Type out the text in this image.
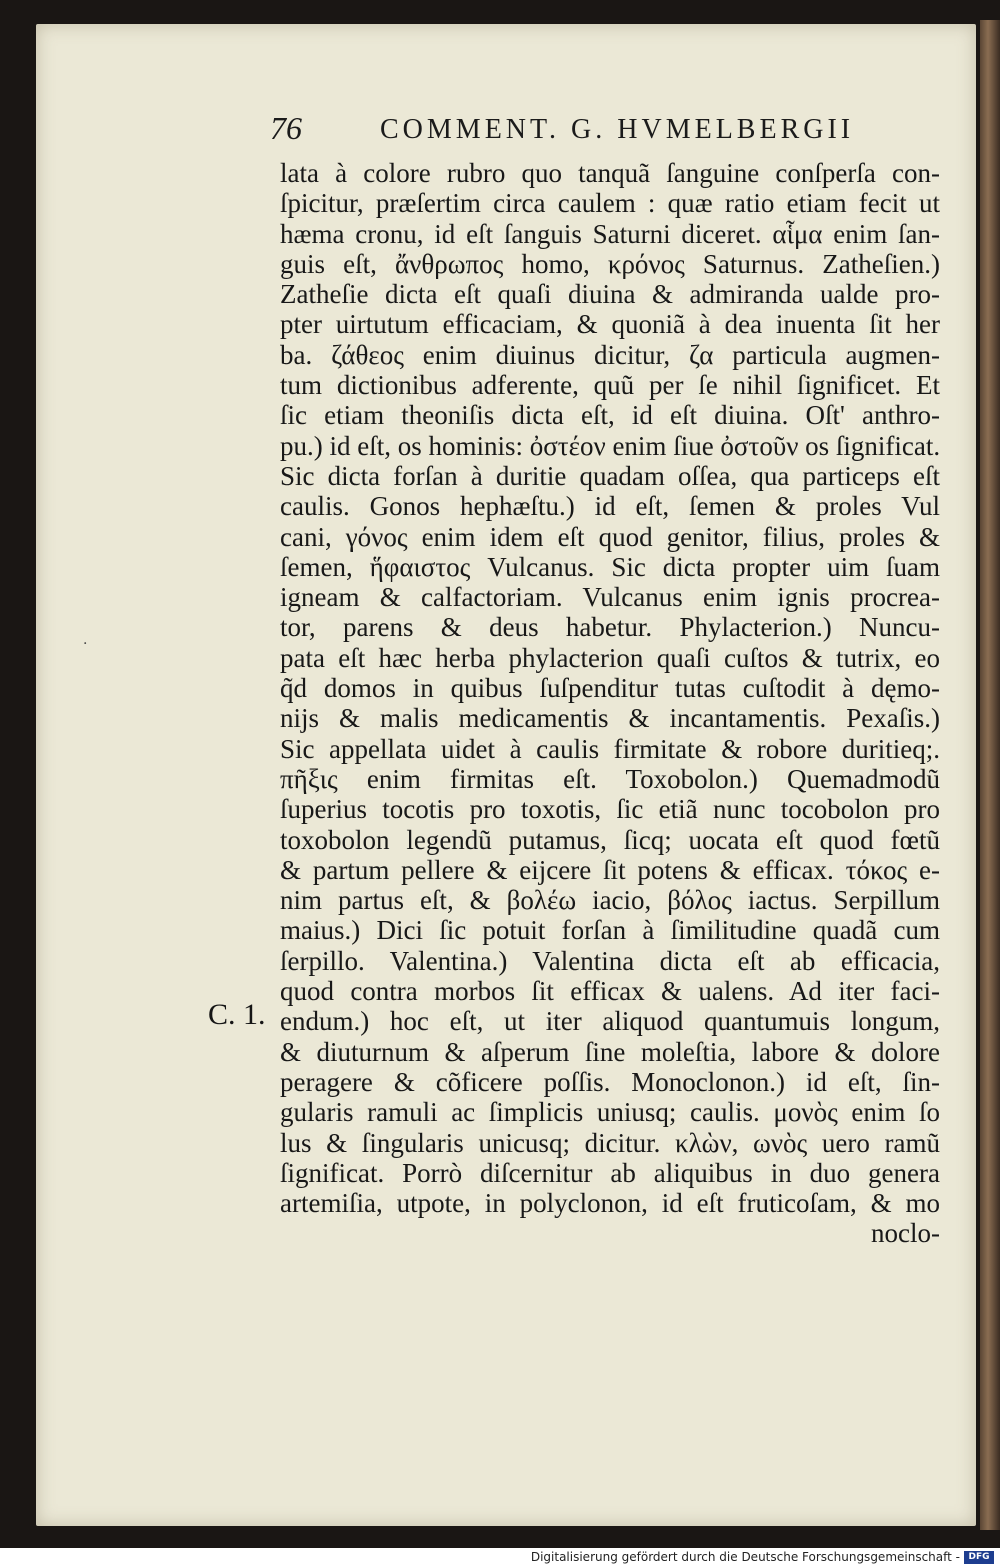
·
76	COMMENT. G. HVMELBERGII
C. 1.
lata à colore rubro quo tanquã ſanguine conſperſa con-
ſpicitur, præſertim circa caulem : quæ ratio etiam fecit ut
hæma cronu, id eſt ſanguis Saturni diceret. αἷμα enim ſan-
guis eſt, ἄνθρωπος homo, κρόνος Saturnus. Zatheſien.)
Zatheſie dicta eſt quaſi diuina & admiranda ualde pro-
pter uirtutum efficaciam, & quoniã à dea inuenta ſit her
ba. ζάθεος enim diuinus dicitur, ζα particula augmen-
tum dictionibus adferente, quũ per ſe nihil ſignificet. Et
ſic etiam theoniſis dicta eſt, id eſt diuina. Oſt' anthro-
pu.) id eſt, os hominis: ὀστέον enim ſiue ὀστοῦν os ſignificat.
Sic dicta forſan à duritie quadam oſſea, qua particeps eſt
caulis. Gonos hephæſtu.) id eſt, ſemen & proles Vul
cani, γόνος enim idem eſt quod genitor, filius, proles &
ſemen, ἥφαιστος Vulcanus. Sic dicta propter uim ſuam
igneam & calfactoriam. Vulcanus enim ignis procrea-
tor, parens & deus habetur. Phylacterion.) Nuncu-
pata eſt hæc herba phylacterion quaſi cuſtos & tutrix, eo
q̃d domos in quibus ſuſpenditur tutas cuſtodit à dęmo-
nijs & malis medicamentis & incantamentis. Pexaſis.)
Sic appellata uidet à caulis firmitate & robore duritieq;.
πῆξις enim firmitas eſt. Toxobolon.) Quemadmodũ
ſuperius tocotis pro toxotis, ſic etiã nunc tocobolon pro
toxobolon legendũ putamus, ſicq; uocata eſt quod fœtũ
& partum pellere & eijcere ſit potens & efficax. τόκος e-
nim partus eſt, & βολέω iacio, βόλος iactus. Serpillum
maius.) Dici ſic potuit forſan à ſimilitudine quadã cum
ſerpillo. Valentina.) Valentina dicta eſt ab efficacia,
quod contra morbos ſit efficax & ualens. Ad iter faci-
endum.) hoc eſt, ut iter aliquod quantumuis longum,
& diuturnum & aſperum ſine moleſtia, labore & dolore
peragere & cõficere poſſis. Monoclonon.) id eſt, ſin-
gularis ramuli ac ſimplicis uniusq; caulis. μονὸς enim ſo
lus & ſingularis unicusq; dicitur. κλὼν, ωνὸς uero ramũ
ſignificat. Porrò diſcernitur ab aliquibus in duo genera
artemiſia, utpote, in polyclonon, id eſt fruticoſam, & mo
noclo-
Digitalisierung gefördert durch die Deutsche Forschungsgemeinschaft - DFG
